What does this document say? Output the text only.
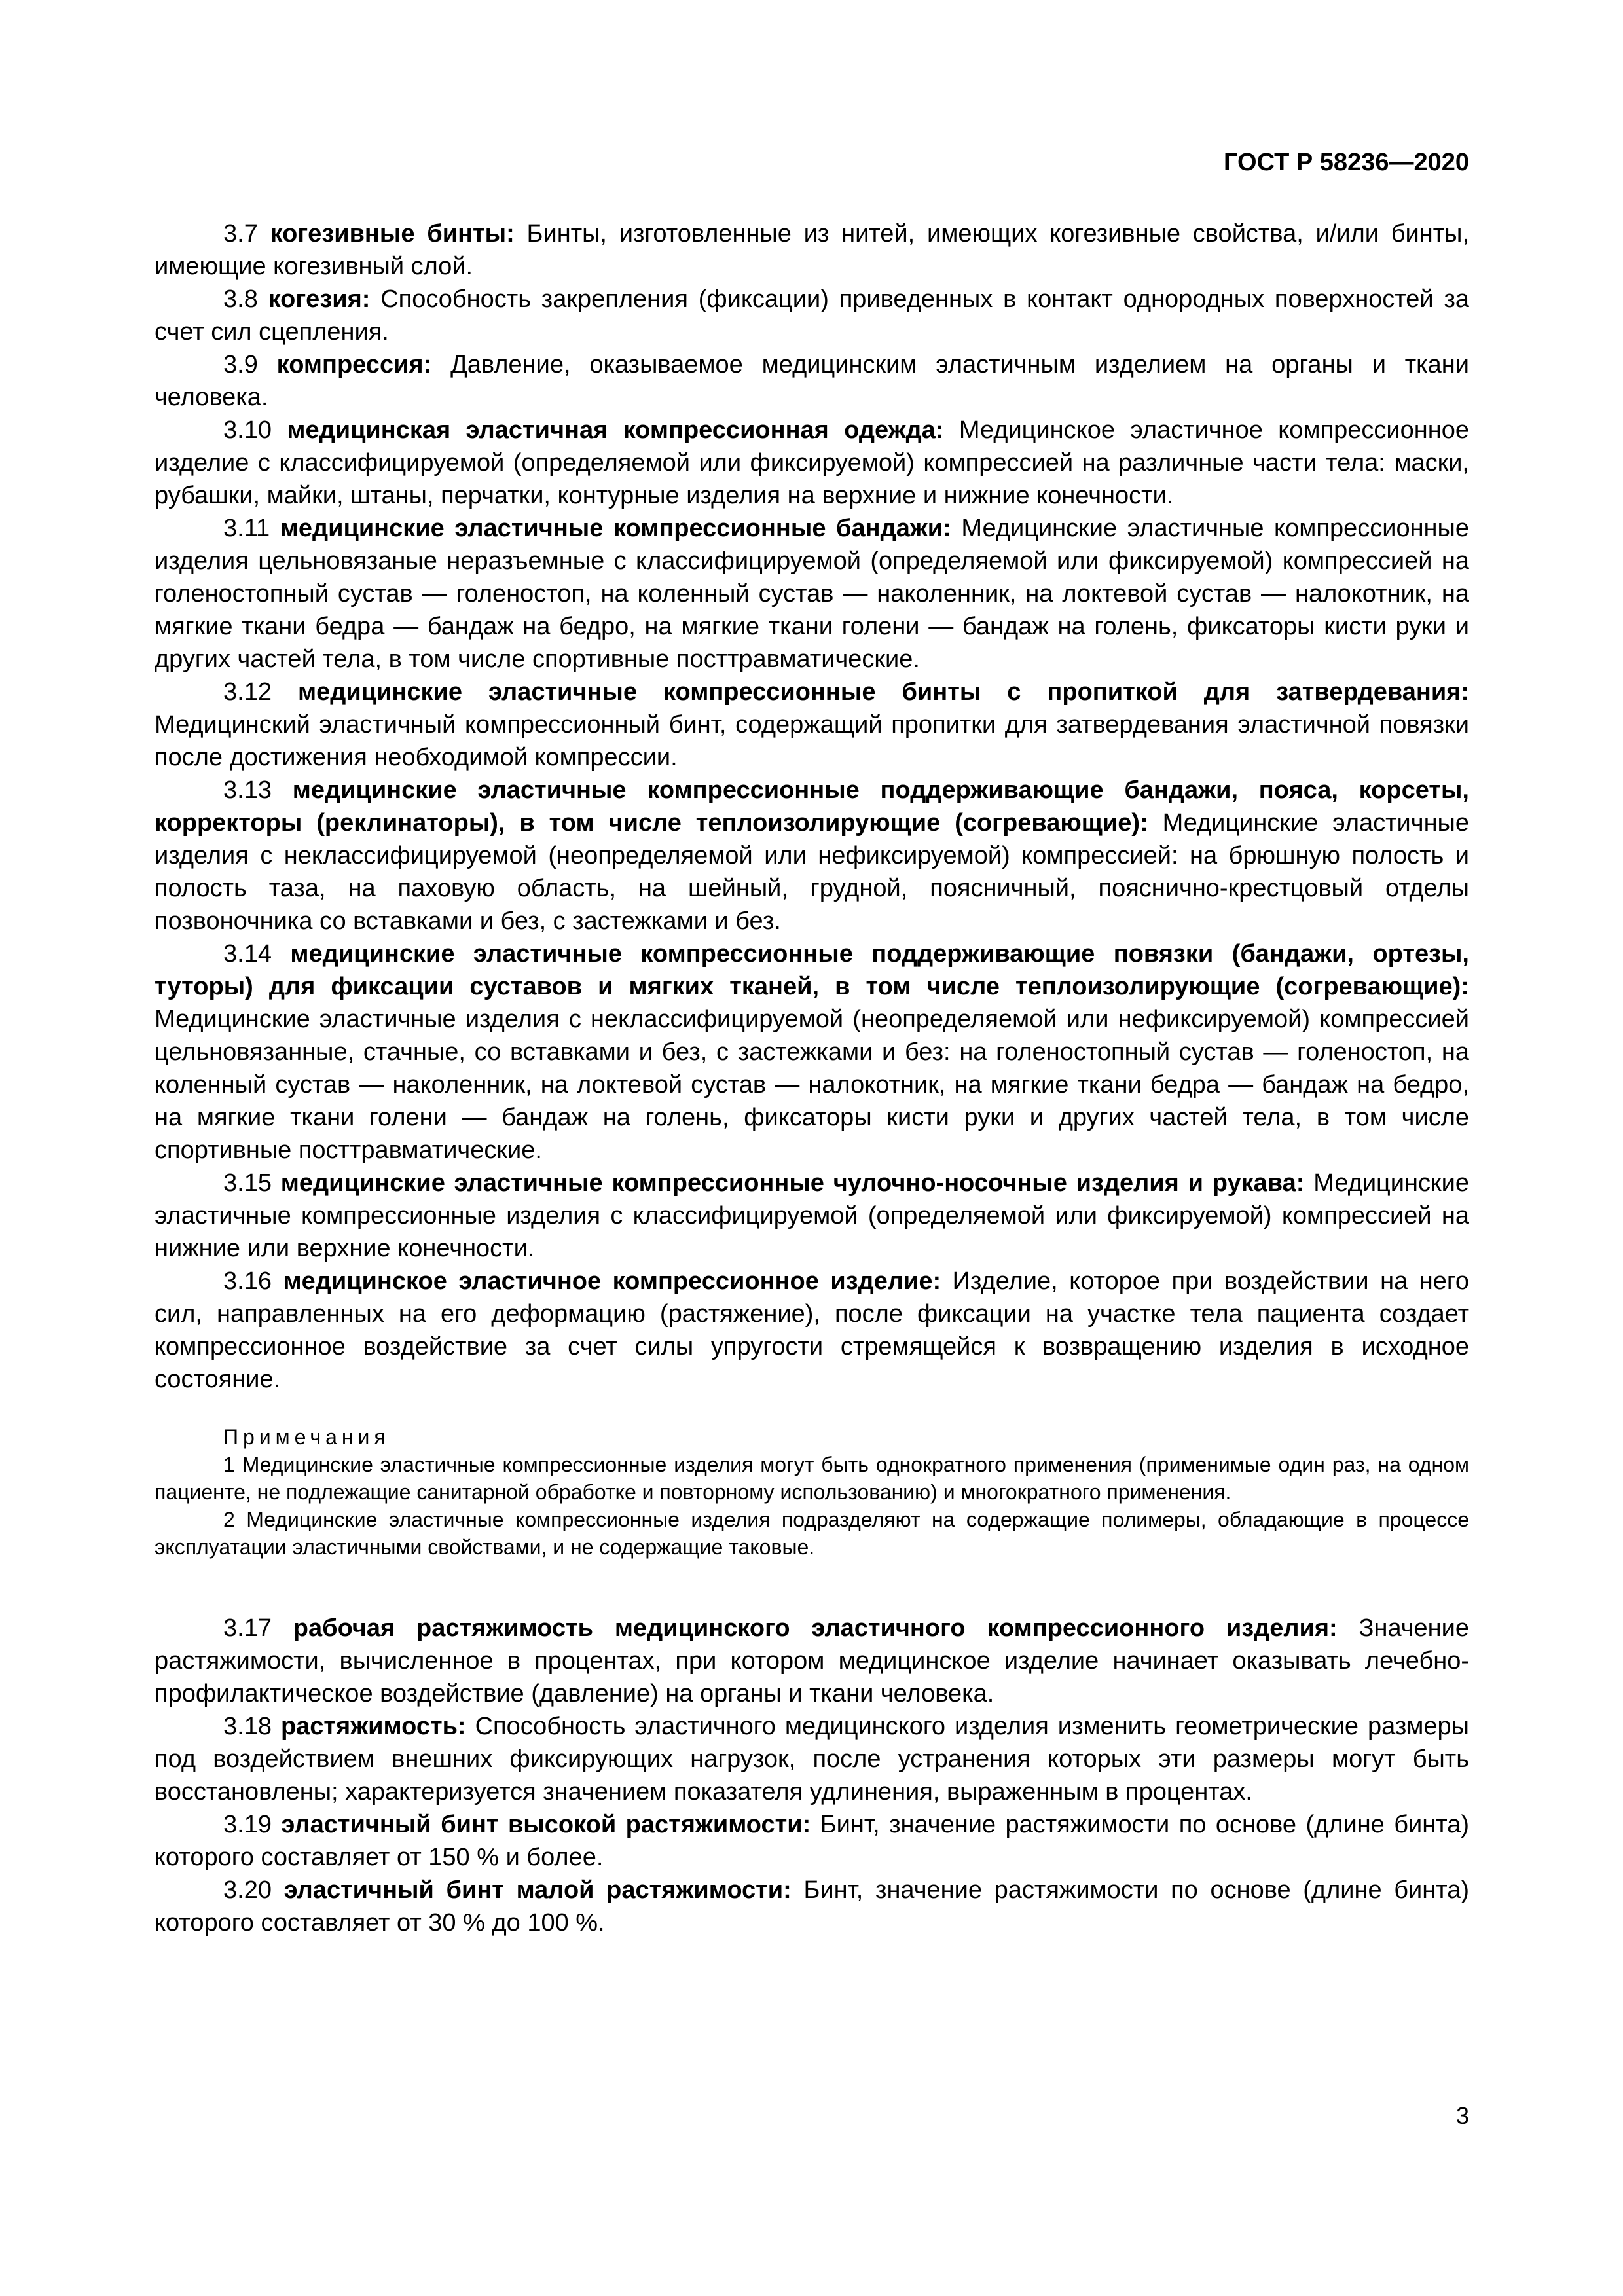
ГОСТ Р 58236—2020

3.7 когезивные бинты: Бинты, изготовленные из нитей, имеющих когезивные свойства, и/или бинты, имеющие когезивный слой.

3.8 когезия: Способность закрепления (фиксации) приведенных в контакт однородных поверхностей за счет сил сцепления.

3.9 компрессия: Давление, оказываемое медицинским эластичным изделием на органы и ткани человека.

3.10 медицинская эластичная компрессионная одежда: Медицинское эластичное компрессионное изделие с классифицируемой (определяемой или фиксируемой) компрессией на различные части тела: маски, рубашки, майки, штаны, перчатки, контурные изделия на верхние и нижние конечности.

3.11 медицинские эластичные компрессионные бандажи: Медицинские эластичные компрессионные изделия цельновязаные неразъемные с классифицируемой (определяемой или фиксируемой) компрессией на голеностопный сустав — голеностоп, на коленный сустав — наколенник, на локтевой сустав — налокотник, на мягкие ткани бедра — бандаж на бедро, на мягкие ткани голени — бандаж на голень, фиксаторы кисти руки и других частей тела, в том числе спортивные посттравматические.

3.12 медицинские эластичные компрессионные бинты с пропиткой для затвердевания: Медицинский эластичный компрессионный бинт, содержащий пропитки для затвердевания эластичной повязки после достижения необходимой компрессии.

3.13 медицинские эластичные компрессионные поддерживающие бандажи, пояса, корсеты, корректоры (реклинаторы), в том числе теплоизолирующие (согревающие): Медицинские эластичные изделия с неклассифицируемой (неопределяемой или нефиксируемой) компрессией: на брюшную полость и полость таза, на паховую область, на шейный, грудной, поясничный, пояснично-крестцовый отделы позвоночника со вставками и без, с застежками и без.

3.14 медицинские эластичные компрессионные поддерживающие повязки (бандажи, ортезы, туторы) для фиксации суставов и мягких тканей, в том числе теплоизолирующие (согревающие): Медицинские эластичные изделия с неклассифицируемой (неопределяемой или нефиксируемой) компрессией цельновязанные, стачные, со вставками и без, с застежками и без: на голеностопный сустав — голеностоп, на коленный сустав — наколенник, на локтевой сустав — налокотник, на мягкие ткани бедра — бандаж на бедро, на мягкие ткани голени — бандаж на голень, фиксаторы кисти руки и других частей тела, в том числе спортивные посттравматические.

3.15 медицинские эластичные компрессионные чулочно-носочные изделия и рукава: Медицинские эластичные компрессионные изделия с классифицируемой (определяемой или фиксируемой) компрессией на нижние или верхние конечности.

3.16 медицинское эластичное компрессионное изделие: Изделие, которое при воздействии на него сил, направленных на его деформацию (растяжение), после фиксации на участке тела пациента создает компрессионное воздействие за счет силы упругости стремящейся к возвращению изделия в исходное состояние.

Примечания

1 Медицинские эластичные компрессионные изделия могут быть однократного применения (применимые один раз, на одном пациенте, не подлежащие санитарной обработке и повторному использованию) и многократного применения.

2 Медицинские эластичные компрессионные изделия подразделяют на содержащие полимеры, обладающие в процессе эксплуатации эластичными свойствами, и не содержащие таковые.

3.17 рабочая растяжимость медицинского эластичного компрессионного изделия: Значение растяжимости, вычисленное в процентах, при котором медицинское изделие начинает оказывать лечебно-профилактическое воздействие (давление) на органы и ткани человека.

3.18 растяжимость: Способность эластичного медицинского изделия изменить геометрические размеры под воздействием внешних фиксирующих нагрузок, после устранения которых эти размеры могут быть восстановлены; характеризуется значением показателя удлинения, выраженным в процентах.

3.19 эластичный бинт высокой растяжимости: Бинт, значение растяжимости по основе (длине бинта) которого составляет от 150 % и более.

3.20 эластичный бинт малой растяжимости: Бинт, значение растяжимости по основе (длине бинта) которого составляет от 30 % до 100 %.

3
